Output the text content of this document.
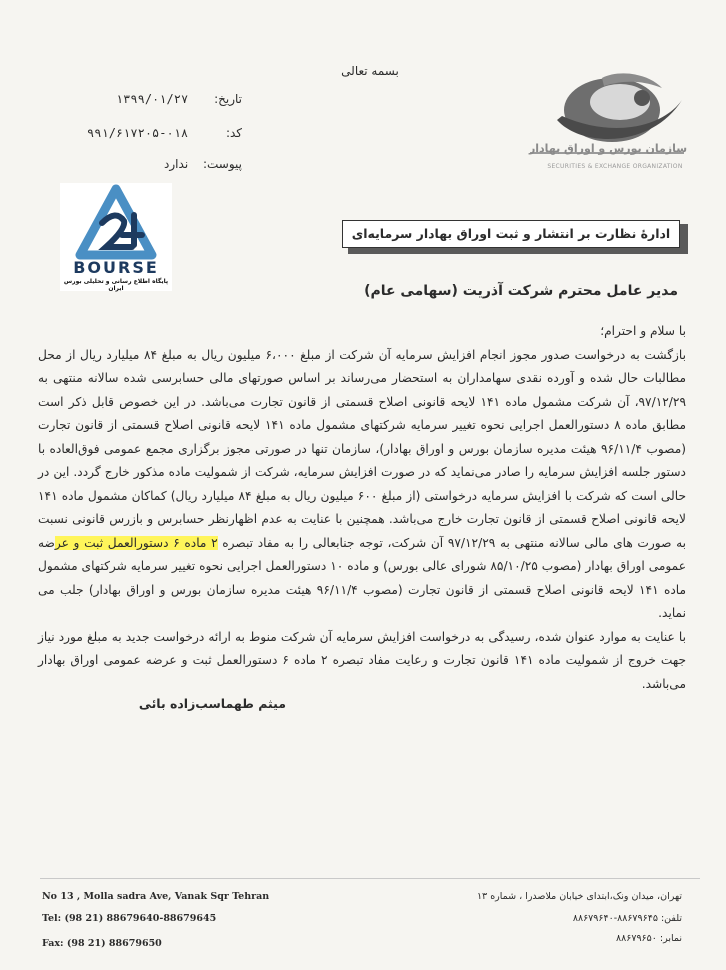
سازمان بورس و اوراق بهادار
SECURITIES & EXCHANGE ORGANIZATION
بسمه تعالی
تاریخ: ۱۳۹۹/۰۱/۲۷
کد: ۹۹۱/۶۱۷۲۰۵-۰۱۸
پیوست: ندارد
BOURSE
پایگاه اطلاع رسانی و تحلیلی بورس ایران
ادارهٔ نظارت بر انتشار و ثبت اوراق بهادار سرمایه‌ای
مدیر عامل محترم شرکت آذریت (سهامی عام)

با سلام و احترام؛

بازگشت به درخواست صدور مجوز انجام افزایش سرمایه آن شرکت از مبلغ ۶،۰۰۰ میلیون ریال به مبلغ ۸۴ میلیارد ریال از محل مطالبات حال شده و آورده نقدی سهامداران به استحضار می‌رساند بر اساس صورتهای مالی حسابرسی شده سالانه منتهی به ۹۷/۱۲/۲۹، آن شرکت مشمول ماده ۱۴۱ لایحه قانونی اصلاح قسمتی از قانون تجارت می‌باشد. در این خصوص قابل ذکر است مطابق ماده ۸ دستورالعمل اجرایی نحوه تغییر سرمایه شرکتهای مشمول ماده ۱۴۱ لایحه قانونی اصلاح قسمتی از قانون تجارت (مصوب ۹۶/۱۱/۴ هیئت مدیره سازمان بورس و اوراق بهادار)، سازمان تنها در صورتی مجوز برگزاری مجمع عمومی فوق‌العاده با دستور جلسه افزایش سرمایه را صادر می‌نماید که در صورت افزایش سرمایه، شرکت از شمولیت ماده مذکور خارج گردد. این در حالی است که شرکت با افزایش سرمایه درخواستی (از مبلغ ۶۰۰ میلیون ریال به مبلغ ۸۴ میلیارد ریال) کماکان مشمول ماده ۱۴۱ لایحه قانونی اصلاح قسمتی از قانون تجارت خارج می‌باشد. همچنین با عنایت به عدم اظهارنظر حسابرس و بازرس قانونی نسبت به صورت های مالی سالانه منتهی به ۹۷/۱۲/۲۹ آن شرکت، توجه جنابعالی را به مفاد تبصره ۲ ماده ۶ دستورالعمل ثبت و عرضه عمومی اوراق بهادار (مصوب ۸۵/۱۰/۲۵ شورای عالی بورس) و ماده ۱۰ دستورالعمل اجرایی نحوه تغییر سرمایه شرکتهای مشمول ماده ۱۴۱ لایحه قانونی اصلاح قسمتی از قانون تجارت (مصوب ۹۶/۱۱/۴ هیئت مدیره سازمان بورس و اوراق بهادار) جلب می نماید.

با عنایت به موارد عنوان شده، رسیدگی به درخواست افزایش سرمایه آن شرکت منوط به ارائه درخواست جدید به مبلغ مورد نیاز جهت خروج از شمولیت ماده ۱۴۱ قانون تجارت و رعایت مفاد تبصره ۲ ماده ۶ دستورالعمل ثبت و عرضه عمومی اوراق بهادار می‌باشد.

میثم طهماسب‌زاده بائی
No 13 , Molla sadra Ave, Vanak Sqr Tehran
Tel: (98 21) 88679640-88679645
Fax: (98 21) 88679650
تهران، میدان ونک،ابتدای خیابان ملاصدرا ، شماره ۱۳
تلفن: ۸۸۶۷۹۶۴۵-۸۸۶۷۹۶۴۰
نمابر: ۸۸۶۷۹۶۵۰
